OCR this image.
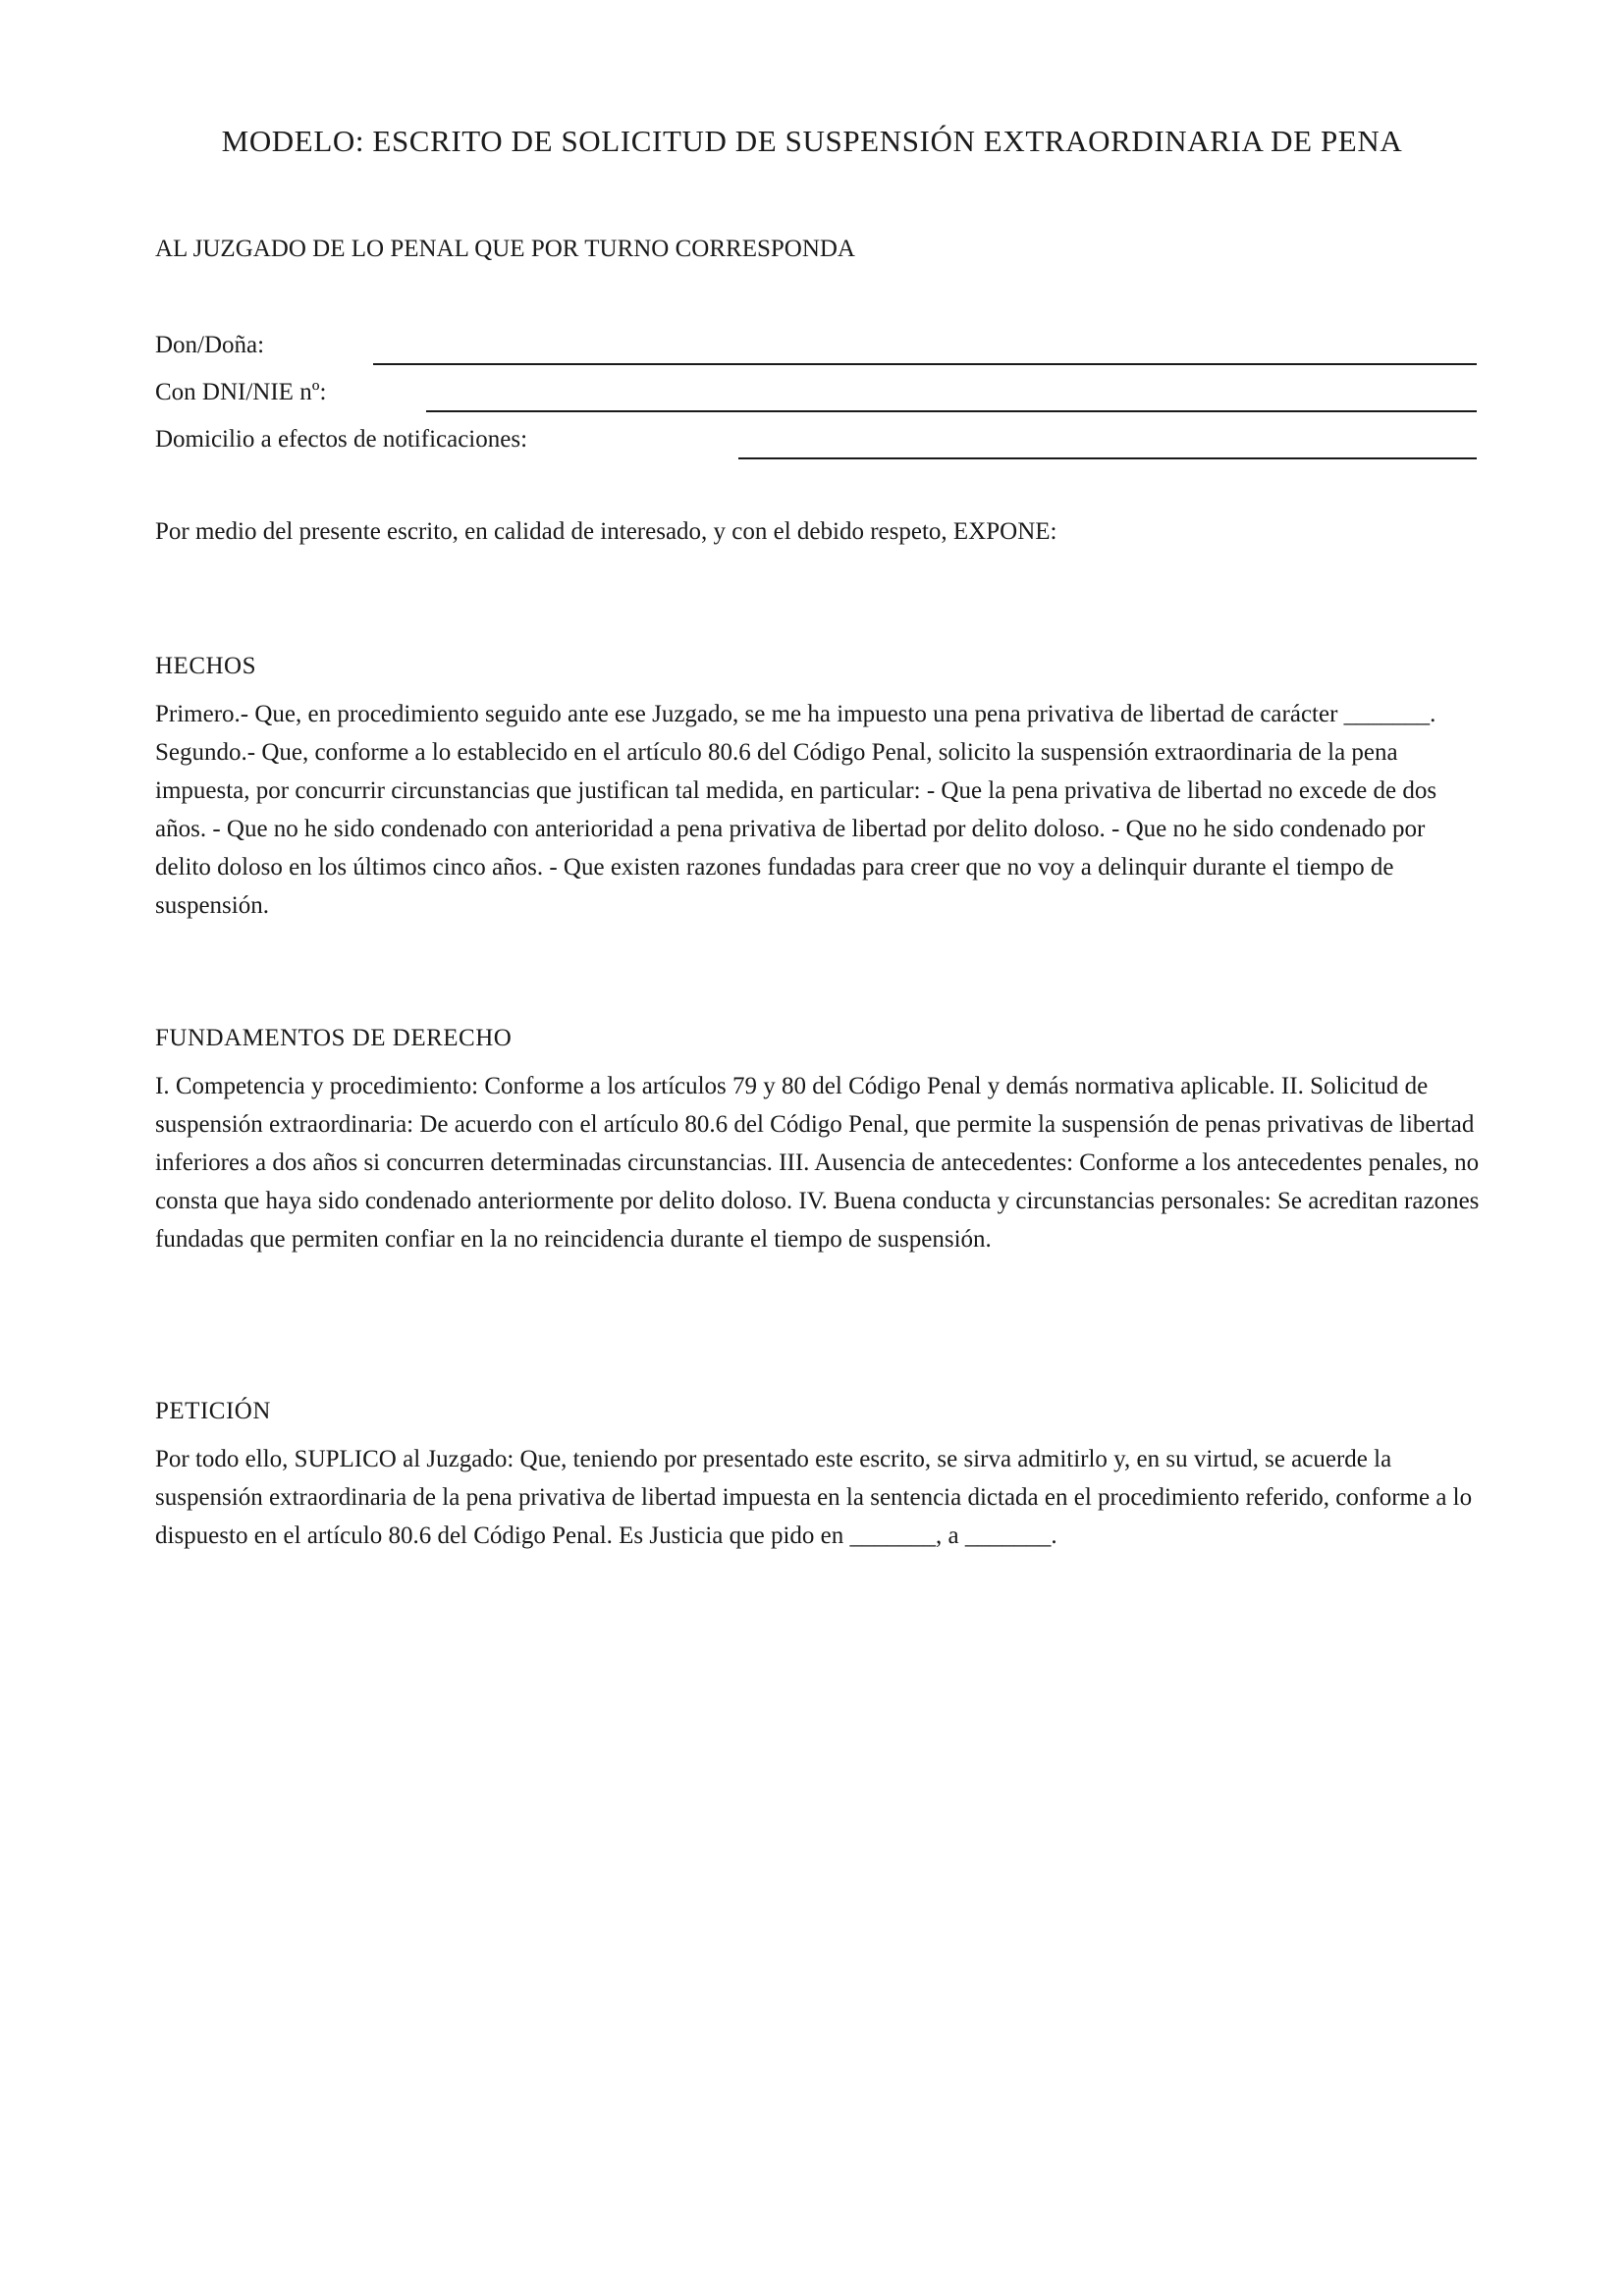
MODELO: ESCRITO DE SOLICITUD DE SUSPENSIÓN EXTRAORDINARIA DE PENA
AL JUZGADO DE LO PENAL QUE POR TURNO CORRESPONDA
Don/Doña:
Con DNI/NIE nº:
Domicilio a efectos de notificaciones:
Por medio del presente escrito, en calidad de interesado, y con el debido respeto, EXPONE:
HECHOS
Primero.- Que, en procedimiento seguido ante ese Juzgado, se me ha impuesto una pena privativa de libertad de carácter _______. Segundo.- Que, conforme a lo establecido en el artículo 80.6 del Código Penal, solicito la suspensión extraordinaria de la pena impuesta, por concurrir circunstancias que justifican tal medida, en particular: - Que la pena privativa de libertad no excede de dos años. - Que no he sido condenado con anterioridad a pena privativa de libertad por delito doloso. - Que no he sido condenado por delito doloso en los últimos cinco años. - Que existen razones fundadas para creer que no voy a delinquir durante el tiempo de suspensión.
FUNDAMENTOS DE DERECHO
I. Competencia y procedimiento: Conforme a los artículos 79 y 80 del Código Penal y demás normativa aplicable. II. Solicitud de suspensión extraordinaria: De acuerdo con el artículo 80.6 del Código Penal, que permite la suspensión de penas privativas de libertad inferiores a dos años si concurren determinadas circunstancias. III. Ausencia de antecedentes: Conforme a los antecedentes penales, no consta que haya sido condenado anteriormente por delito doloso. IV. Buena conducta y circunstancias personales: Se acreditan razones fundadas que permiten confiar en la no reincidencia durante el tiempo de suspensión.
PETICIÓN
Por todo ello, SUPLICO al Juzgado: Que, teniendo por presentado este escrito, se sirva admitirlo y, en su virtud, se acuerde la suspensión extraordinaria de la pena privativa de libertad impuesta en la sentencia dictada en el procedimiento referido, conforme a lo dispuesto en el artículo 80.6 del Código Penal. Es Justicia que pido en _______, a _______.
